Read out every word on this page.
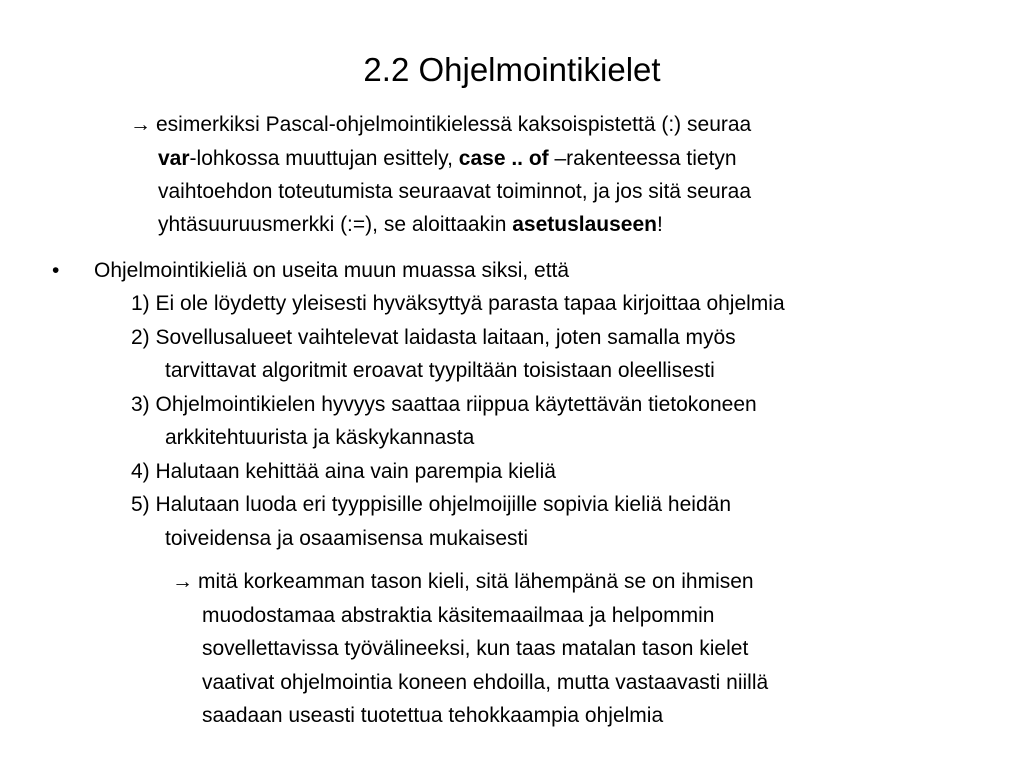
2.2 Ohjelmointikielet
→ esimerkiksi Pascal-ohjelmointikielessä kaksoispistettä (:) seuraa
var-lohkossa muuttujan esittely, case .. of –rakenteessa tietyn
vaihtoehdon toteutumista seuraavat toiminnot, ja jos sitä seuraa
yhtäsuuruusmerkki (:=), se aloittaakin asetuslauseen!
• Ohjelmointikieliä on useita muun muassa siksi, että
1) Ei ole löydetty yleisesti hyväksyttyä parasta tapaa kirjoittaa ohjelmia
2) Sovellusalueet vaihtelevat laidasta laitaan, joten samalla myös
tarvittavat algoritmit eroavat tyypiltään toisistaan oleellisesti
3) Ohjelmointikielen hyvyys saattaa riippua käytettävän tietokoneen
arkkitehtuurista ja käskykannasta
4) Halutaan kehittää aina vain parempia kieliä
5) Halutaan luoda eri tyyppisille ohjelmoijille sopivia kieliä heidän
toiveidensa ja osaamisensa mukaisesti
→ mitä korkeamman tason kieli, sitä lähempänä se on ihmisen
muodostamaa abstraktia käsitemaailmaa ja helpommin
sovellettavissa työvälineeksi, kun taas matalan tason kielet
vaativat ohjelmointia koneen ehdoilla, mutta vastaavasti niillä
saadaan useasti tuotettua tehokkaampia ohjelmia
